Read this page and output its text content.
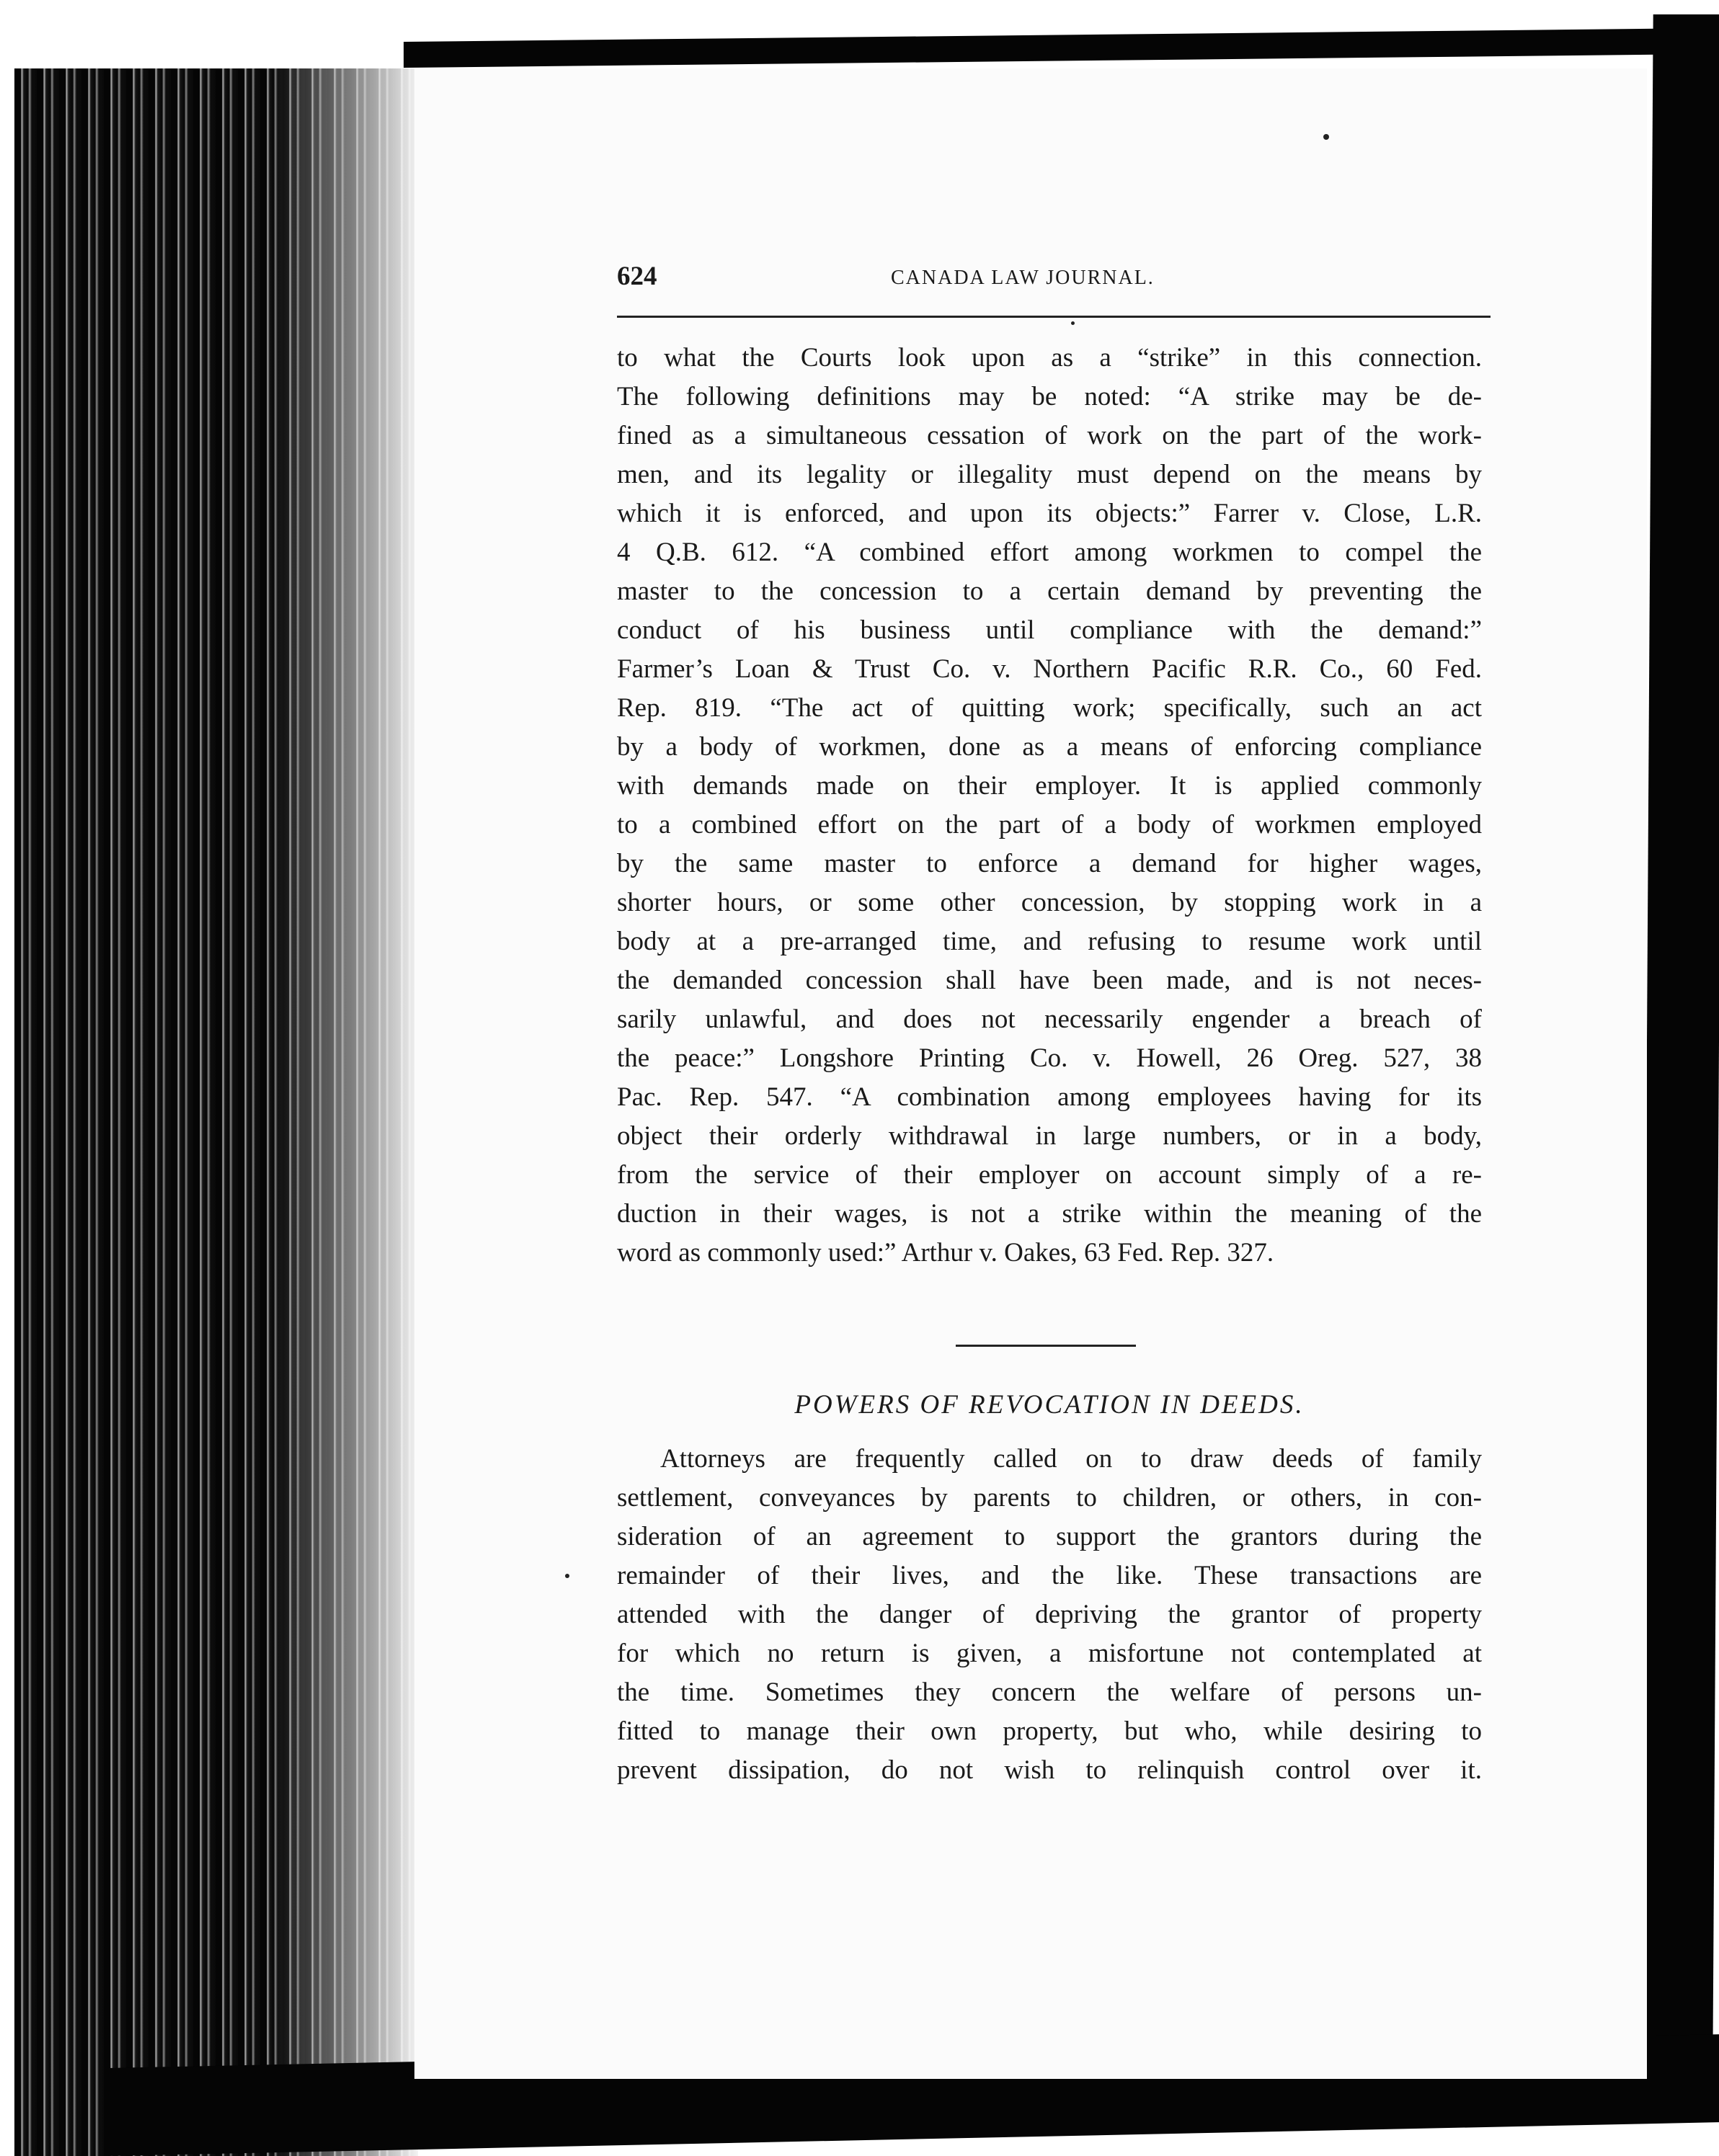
624	CANADA LAW JOURNAL.
to what the Courts look upon as a “strike” in this connection.
The following definitions may be noted: “A strike may be de-
fined as a simultaneous cessation of work on the part of the work-
men, and its legality or illegality must depend on the means by
which it is enforced, and upon its objects:” Farrer v. Close, L.R.
4 Q.B. 612. “A combined effort among workmen to compel the
master to the concession to a certain demand by preventing the
conduct of his business until compliance with the demand:”
Farmer’s Loan & Trust Co. v. Northern Pacific R.R. Co., 60 Fed.
Rep. 819. “The act of quitting work; specifically, such an act
by a body of workmen, done as a means of enforcing compliance
with demands made on their employer. It is applied commonly
to a combined effort on the part of a body of workmen employed
by the same master to enforce a demand for higher wages,
shorter hours, or some other concession, by stopping work in a
body at a pre-arranged time, and refusing to resume work until
the demanded concession shall have been made, and is not neces-
sarily unlawful, and does not necessarily engender a breach of
the peace:” Longshore Printing Co. v. Howell, 26 Oreg. 527, 38
Pac. Rep. 547. “A combination among employees having for its
object their orderly withdrawal in large numbers, or in a body,
from the service of their employer on account simply of a re-
duction in their wages, is not a strike within the meaning of the
word as commonly used:” Arthur v. Oakes, 63 Fed. Rep. 327.
POWERS OF REVOCATION IN DEEDS.
Attorneys are frequently called on to draw deeds of family
settlement, conveyances by parents to children, or others, in con-
sideration of an agreement to support the grantors during the
remainder of their lives, and the like. These transactions are
attended with the danger of depriving the grantor of property
for which no return is given, a misfortune not contemplated at
the time. Sometimes they concern the welfare of persons un-
fitted to manage their own property, but who, while desiring to
prevent dissipation, do not wish to relinquish control over it.
